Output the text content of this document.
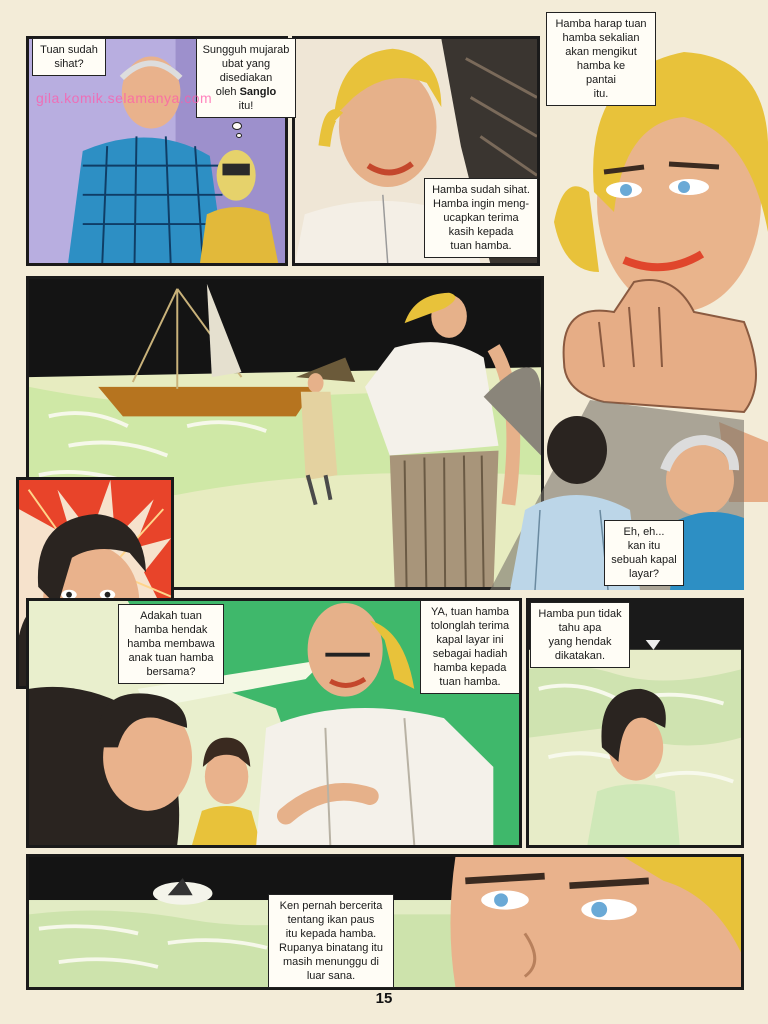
Tuan sudah
sihat?
Sungguh mujarab
ubat yang
disediakan
oleh Sanglo
itu!
gila.komik.selamanya.com
Hamba sudah sihat.
Hamba ingin meng-
ucapkan terima
kasih kepada
tuan hamba.
Hamba harap tuan
hamba sekalian
akan mengikut
hamba ke
pantai
itu.
Eh, eh...
kan itu
sebuah kapal
layar?
Adakah tuan
hamba hendak
hamba membawa
anak tuan hamba
bersama?
YA, tuan hamba
tolonglah terima
kapal layar ini
sebagai hadiah
hamba kepada
tuan hamba.
Hamba pun tidak
tahu apa
yang hendak
dikatakan.
Ken pernah bercerita
tentang ikan paus
itu kepada hamba.
Rupanya binatang itu
masih menunggu di
luar sana.
15
